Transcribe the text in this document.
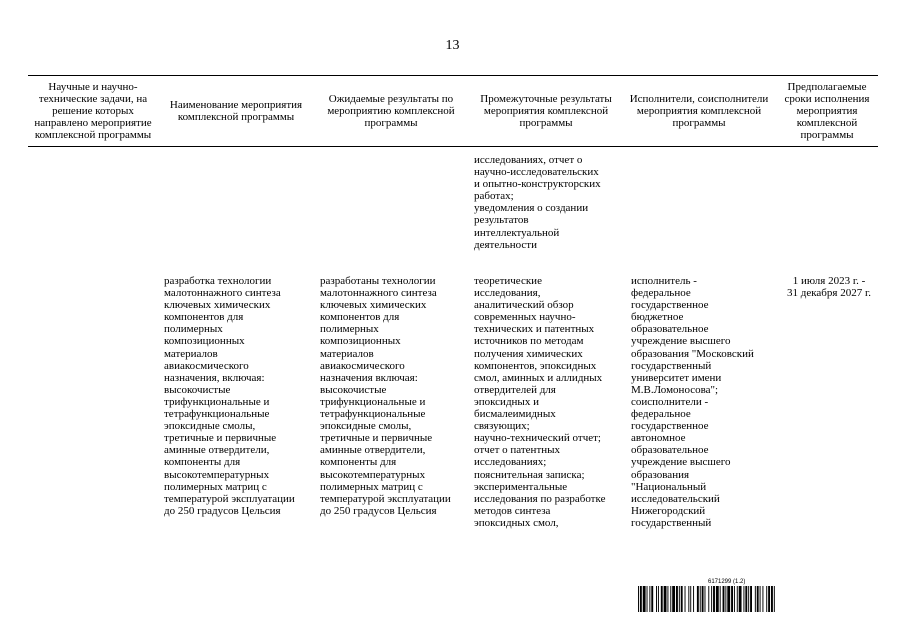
13
Научные и научно-технические задачи, на решение которых направлено мероприятие комплексной программы
Наименование мероприятия комплексной программы
Ожидаемые результаты по мероприятию комплексной программы
Промежуточные результаты мероприятия комплексной программы
Исполнители, соисполнители мероприятия комплексной программы
Предполагаемые сроки исполнения мероприятия комплексной программы
исследованиях, отчет о
научно-исследовательских
и опытно-конструкторских
работах;
уведомления о создании
результатов
интеллектуальной
деятельности
разработка технологии
малотоннажного синтеза
ключевых химических
компонентов для
полимерных
композиционных
материалов
авиакосмического
назначения, включая:
высокочистые
трифункциональные и
тетрафункциональные
эпоксидные смолы,
третичные и первичные
аминные отвердители,
компоненты для
высокотемпературных
полимерных матриц с
температурой эксплуатации
до 250 градусов Цельсия
разработаны технологии
малотоннажного синтеза
ключевых химических
компонентов для
полимерных
композиционных
материалов
авиакосмического
назначения включая:
высокочистые
трифункциональные и
тетрафункциональные
эпоксидные смолы,
третичные и первичные
аминные отвердители,
компоненты для
высокотемпературных
полимерных матриц с
температурой эксплуатации
до 250 градусов Цельсия
теоретические
исследования,
аналитический обзор
современных научно-
технических и патентных
источников по методам
получения химических
компонентов, эпоксидных
смол, аминных и аллидных
отвердителей для
эпоксидных и
бисмалеимидных
связующих;
научно-технический отчет;
отчет о патентных
исследованиях;
пояснительная записка;
экспериментальные
исследования по разработке
методов синтеза
эпоксидных смол,
исполнитель -
федеральное
государственное
бюджетное
образовательное
учреждение высшего
образования "Московский
государственный
университет имени
М.В.Ломоносова";
соисполнители -
федеральное
государственное
автономное
образовательное
учреждение высшего
образования
"Национальный
исследовательский
Нижегородский
государственный
1 июля 2023 г. -
31 декабря 2027 г.
6171299 (1.2)
